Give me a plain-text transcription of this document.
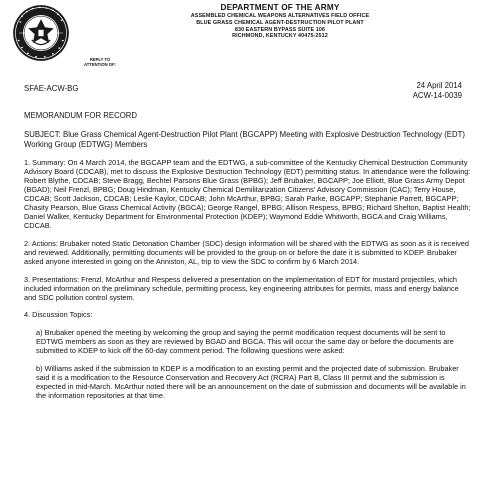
REPLY TO
ATTENTION OF:
DEPARTMENT OF THE ARMY
ASSEMBLED CHEMICAL WEAPONS ALTERNATIVES FIELD OFFICE
BLUE GRASS CHEMICAL AGENT-DESTRUCTION PILOT PLANT
830 EASTERN BYPASS SUITE 106
RICHMOND, KENTUCKY 40475-2512
SFAE-ACW-BG	24 April 2014
ACW-14-0039
MEMORANDUM FOR RECORD
SUBJECT: Blue Grass Chemical Agent-Destruction Pilot Plant (BGCAPP) Meeting with Explosive Destruction Technology (EDT) Working Group (EDTWG) Members

1. Summary: On 4 March 2014, the BGCAPP team and the EDTWG, a sub-committee of the Kentucky Chemical Destruction Community Advisory Board (CDCAB), met to discuss the Explosive Destruction Technology (EDT) permitting status. In attendance were the following: Robert Blythe, CDCAB; Steve Bragg, Bechtel Parsons Blue Grass (BPBG); Jeff Brubaker, BGCAPP; Joe Elliott, Blue Grass Army Depot (BGAD); Neil Frenzl, BPBG; Doug Hindman, Kentucky Chemical Demilitarization Citizens' Advisory Commission (CAC); Terry House, CDCAB; Scott Jackson, CDCAB; Leslie Kaylor, CDCAB; John McArthur, BPBG; Sarah Parke, BGCAPP; Stephanie Parrett, BGCAPP; Chasity Pearson, Blue Grass Chemical Activity (BGCA); George Rangel, BPBG; Allison Respess, BPBG; Richard Shelton, Baptist Health; Daniel Walker, Kentucky Department for Environmental Protection (KDEP); Waymond Eddie Whitworth, BGCA and Craig Williams, CDCAB.

2. Actions: Brubaker noted Static Detonation Chamber (SDC) design information will be shared with the EDTWG as soon as it is received and reviewed. Additionally, permitting documents will be provided to the group on or before the date it is submitted to KDEP. Brubaker asked anyone interested in going on the Anniston, AL, trip to view the SDC to confirm by 6 March 2014.

3. Presentations: Frenzl, McArthur and Respess delivered a presentation on the implementation of EDT for mustard projectiles, which included information on the preliminary schedule, permitting process, key engineering attributes for permits, mass and energy balance and SDC pollution control system.

4. Discussion Topics:

a) Brubaker opened the meeting by welcoming the group and saying the permit modification request documents will be sent to EDTWG members as soon as they are reviewed by BGAD and BGCA. This will occur the same day or before the documents are submitted to KDEP to kick off the 60-day comment period. The following questions were asked:

b) Williams asked if the submission to KDEP is a modification to an existing permit and the projected date of submission. Brubaker said it is a modification to the Resource Conservation and Recovery Act (RCRA) Part B, Class III permit and the submission is expected in mid-March. McArthur noted there will be an announcement on the date of submission and documents will be available in the information repositories at that time.
